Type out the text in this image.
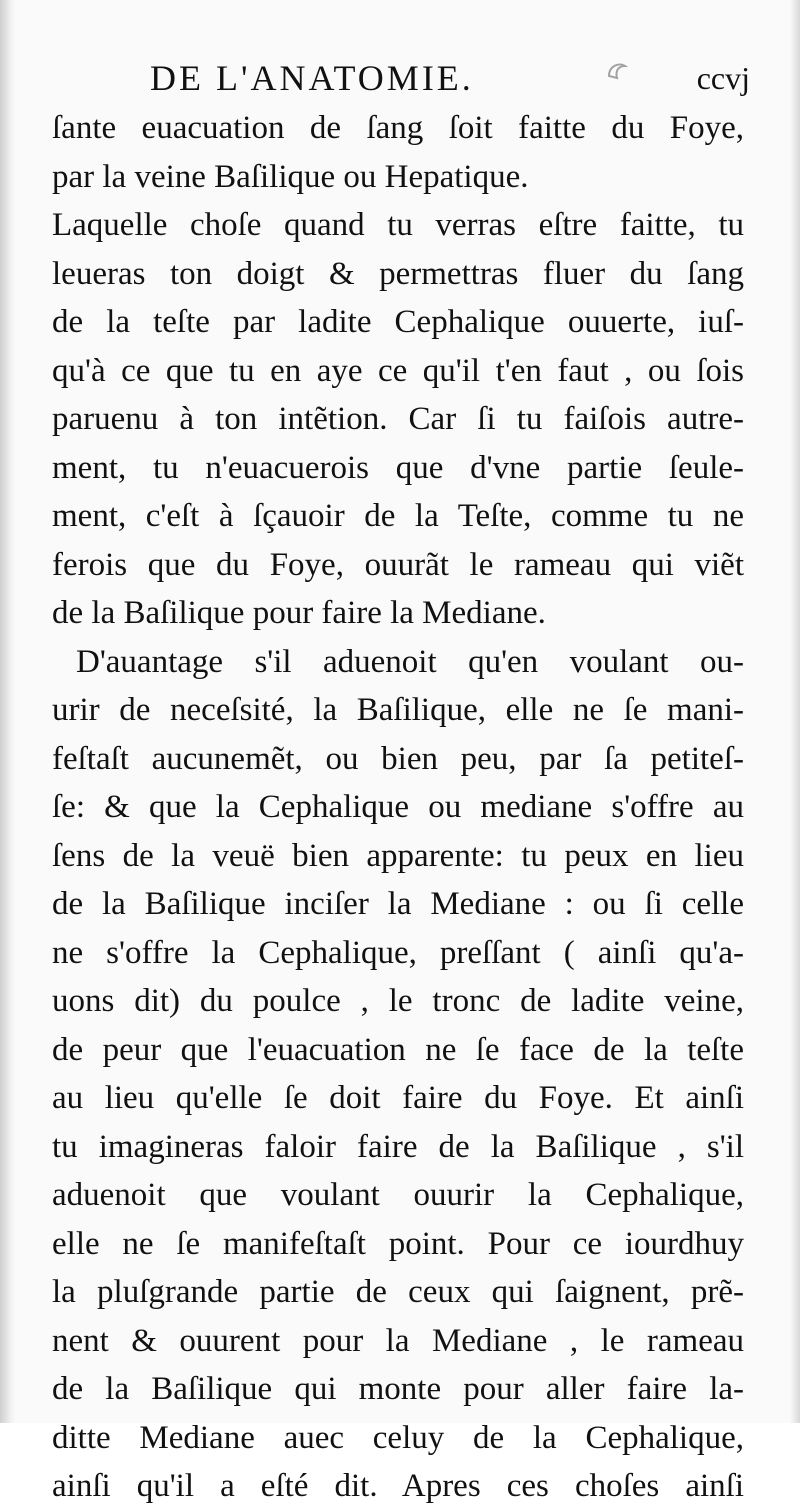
DE L'ANATOMIE.	ccvj
ſante euacuation de ſang ſoit faitte du Foye,
par la veine Baſilique ou Hepatique.
Laquelle choſe quand tu verras eſtre faitte, tu
leueras ton doigt & permettras fluer du ſang
de la teſte par ladite Cephalique ouuerte, iuſ-
qu'à ce que tu en aye ce qu'il t'en faut , ou ſois
paruenu à ton intẽtion. Car ſi tu faiſois autre-
ment, tu n'euacuerois que d'vne partie ſeule-
ment, c'eſt à ſçauoir de la Teſte, comme tu ne
ferois que du Foye, ouurãt le rameau qui viẽt
de la Baſilique pour faire la Mediane.
D'auantage s'il aduenoit qu'en voulant ou-
urir de neceſsité, la Baſilique, elle ne ſe mani-
feſtaſt aucunemẽt, ou bien peu, par ſa petiteſ-
ſe: & que la Cephalique ou mediane s'offre au
ſens de la veuë bien apparente: tu peux en lieu
de la Baſilique inciſer la Mediane : ou ſi celle
ne s'offre la Cephalique, preſſant ( ainſi qu'a-
uons dit) du poulce , le tronc de ladite veine,
de peur que l'euacuation ne ſe face de la teſte
au lieu qu'elle ſe doit faire du Foye. Et ainſi
tu imagineras faloir faire de la Baſilique , s'il
aduenoit que voulant ouurir la Cephalique,
elle ne ſe manifeſtaſt point. Pour ce iourdhuy
la pluſgrande partie de ceux qui ſaignent, prẽ-
nent & ouurent pour la Mediane , le rameau
de la Baſilique qui monte pour aller faire la-
ditte Mediane auec celuy de la Cephalique,
ainſi qu'il a eſté dit. Apres ces choſes ainſi
